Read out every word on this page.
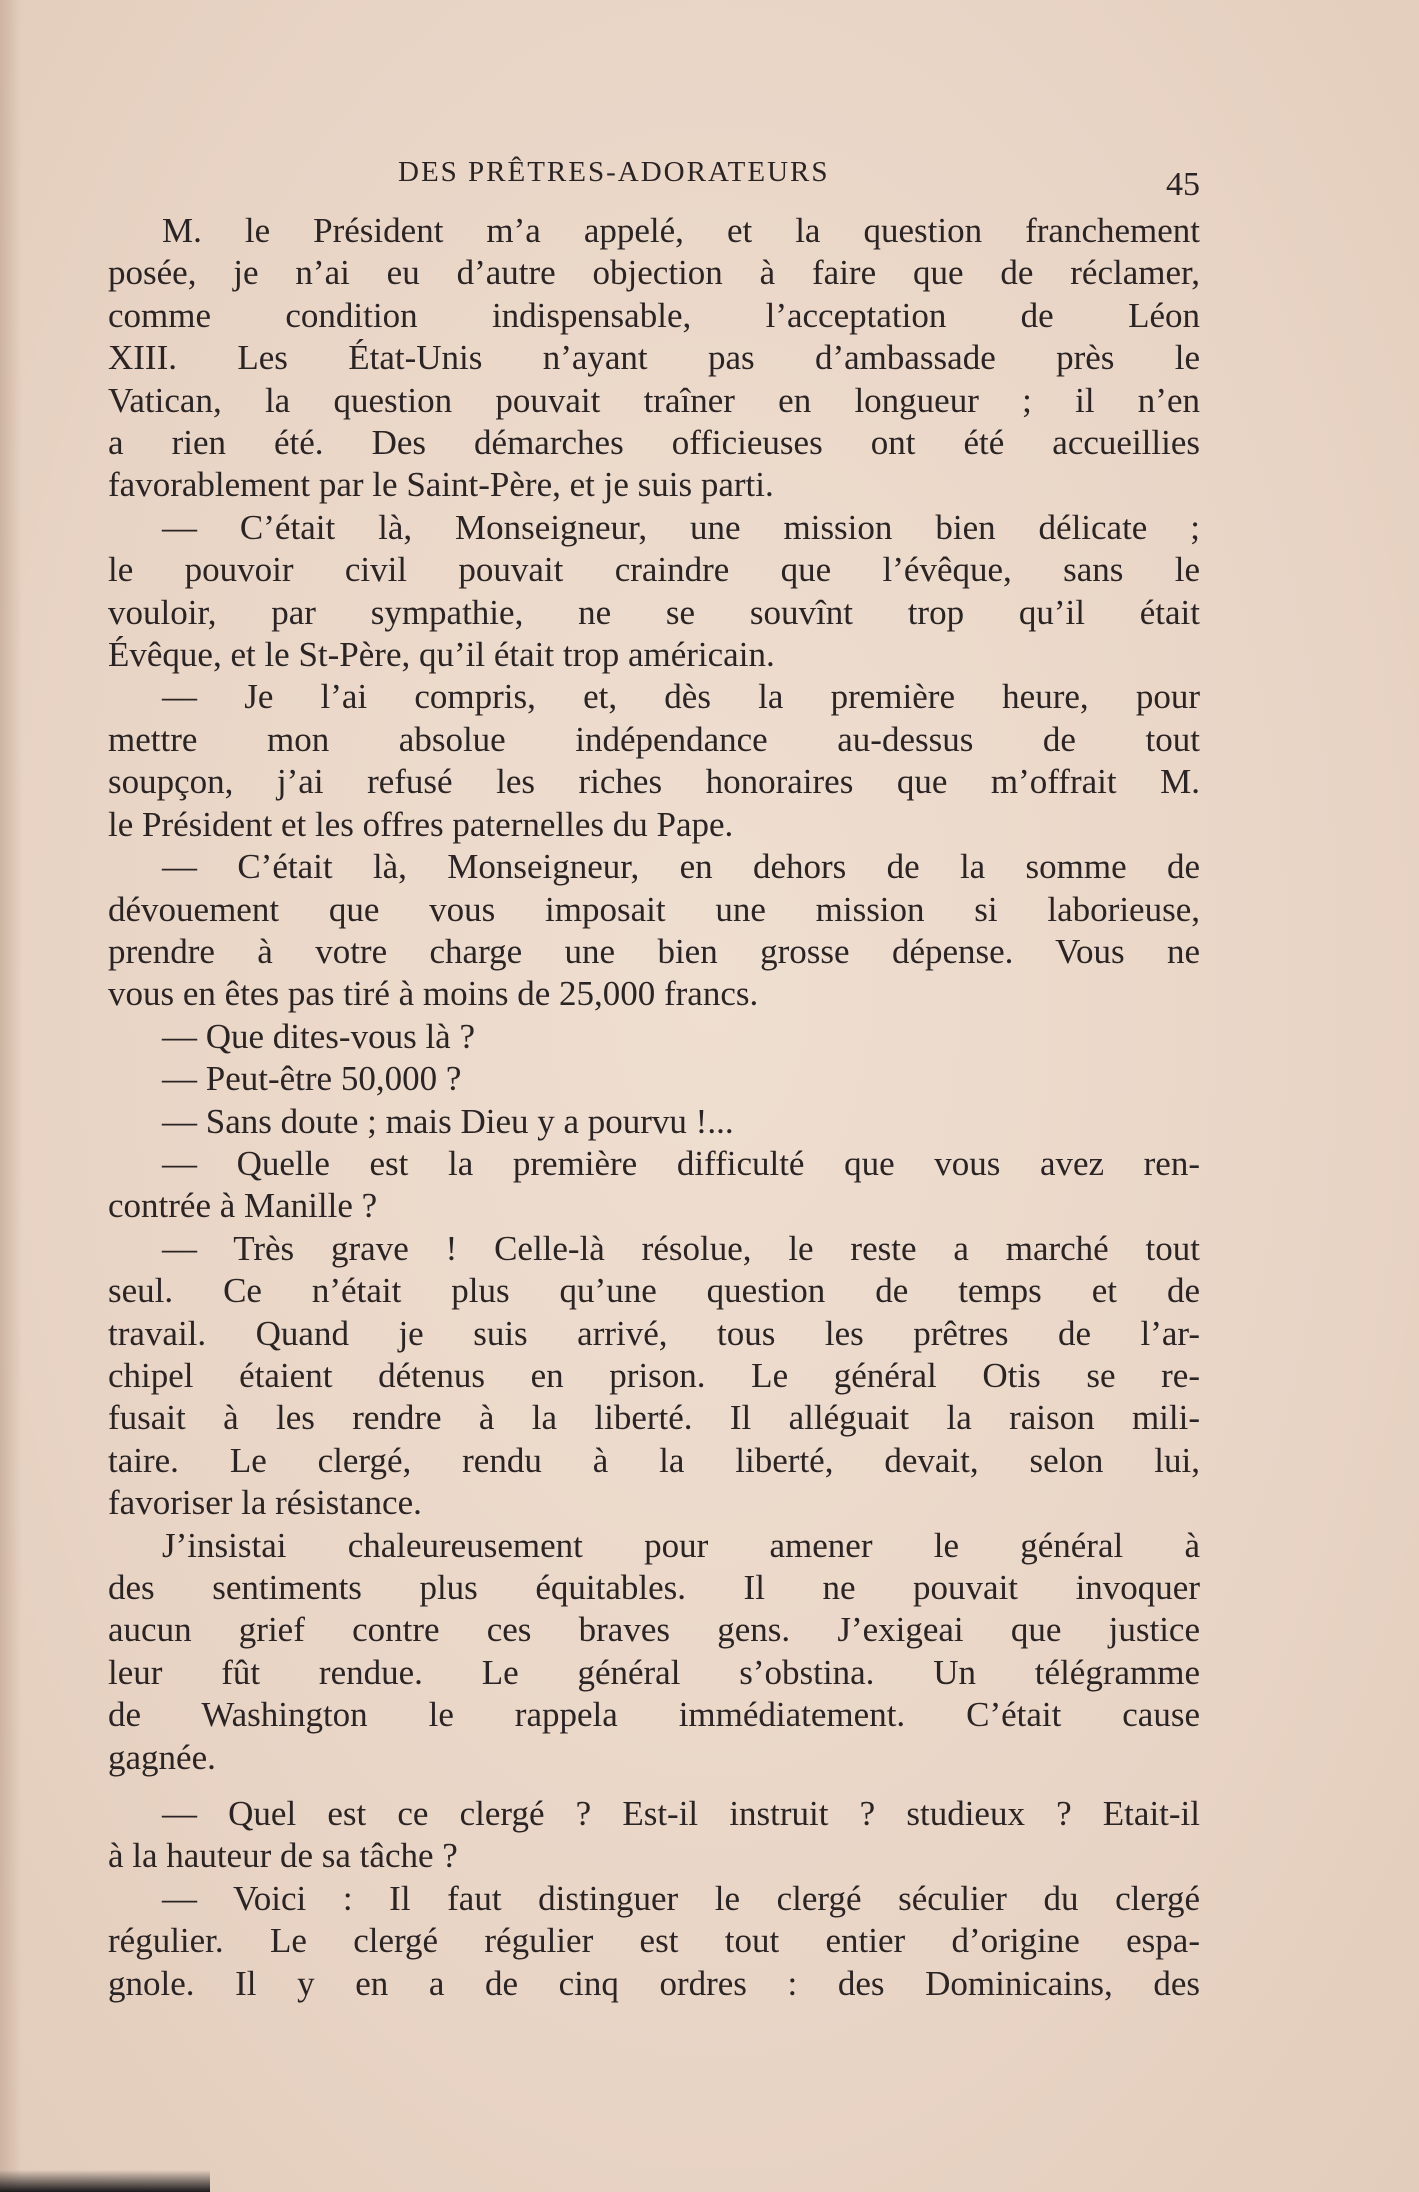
DES PRÊTRES-ADORATEURS	45
M. le Président m’a appelé, et la question franchement
posée, je n’ai eu d’autre objection à faire que de réclamer,
comme condition indispensable, l’acceptation de Léon
XIII. Les État-Unis n’ayant pas d’ambassade près le
Vatican, la question pouvait traîner en longueur ; il n’en
a rien été. Des démarches officieuses ont été accueillies
favorablement par le Saint-Père, et je suis parti.
— C’était là, Monseigneur, une mission bien délicate ;
le pouvoir civil pouvait craindre que l’évêque, sans le
vouloir, par sympathie, ne se souvînt trop qu’il était
Évêque, et le St-Père, qu’il était trop américain.
— Je l’ai compris, et, dès la première heure, pour
mettre mon absolue indépendance au-dessus de tout
soupçon, j’ai refusé les riches honoraires que m’offrait M.
le Président et les offres paternelles du Pape.
— C’était là, Monseigneur, en dehors de la somme de
dévouement que vous imposait une mission si laborieuse,
prendre à votre charge une bien grosse dépense. Vous ne
vous en êtes pas tiré à moins de 25,000 francs.
— Que dites-vous là ?
— Peut-être 50,000 ?
— Sans doute ; mais Dieu y a pourvu !...
— Quelle est la première difficulté que vous avez ren-
contrée à Manille ?
— Très grave ! Celle-là résolue, le reste a marché tout
seul. Ce n’était plus qu’une question de temps et de
travail. Quand je suis arrivé, tous les prêtres de l’ar-
chipel étaient détenus en prison. Le général Otis se re-
fusait à les rendre à la liberté. Il alléguait la raison mili-
taire. Le clergé, rendu à la liberté, devait, selon lui,
favoriser la résistance.
J’insistai chaleureusement pour amener le général à
des sentiments plus équitables. Il ne pouvait invoquer
aucun grief contre ces braves gens. J’exigeai que justice
leur fût rendue. Le général s’obstina. Un télégramme
de Washington le rappela immédiatement. C’était cause
gagnée.
— Quel est ce clergé ? Est-il instruit ? studieux ? Etait-il
à la hauteur de sa tâche ?
— Voici : Il faut distinguer le clergé séculier du clergé
régulier. Le clergé régulier est tout entier d’origine espa-
gnole. Il y en a de cinq ordres : des Dominicains, des
